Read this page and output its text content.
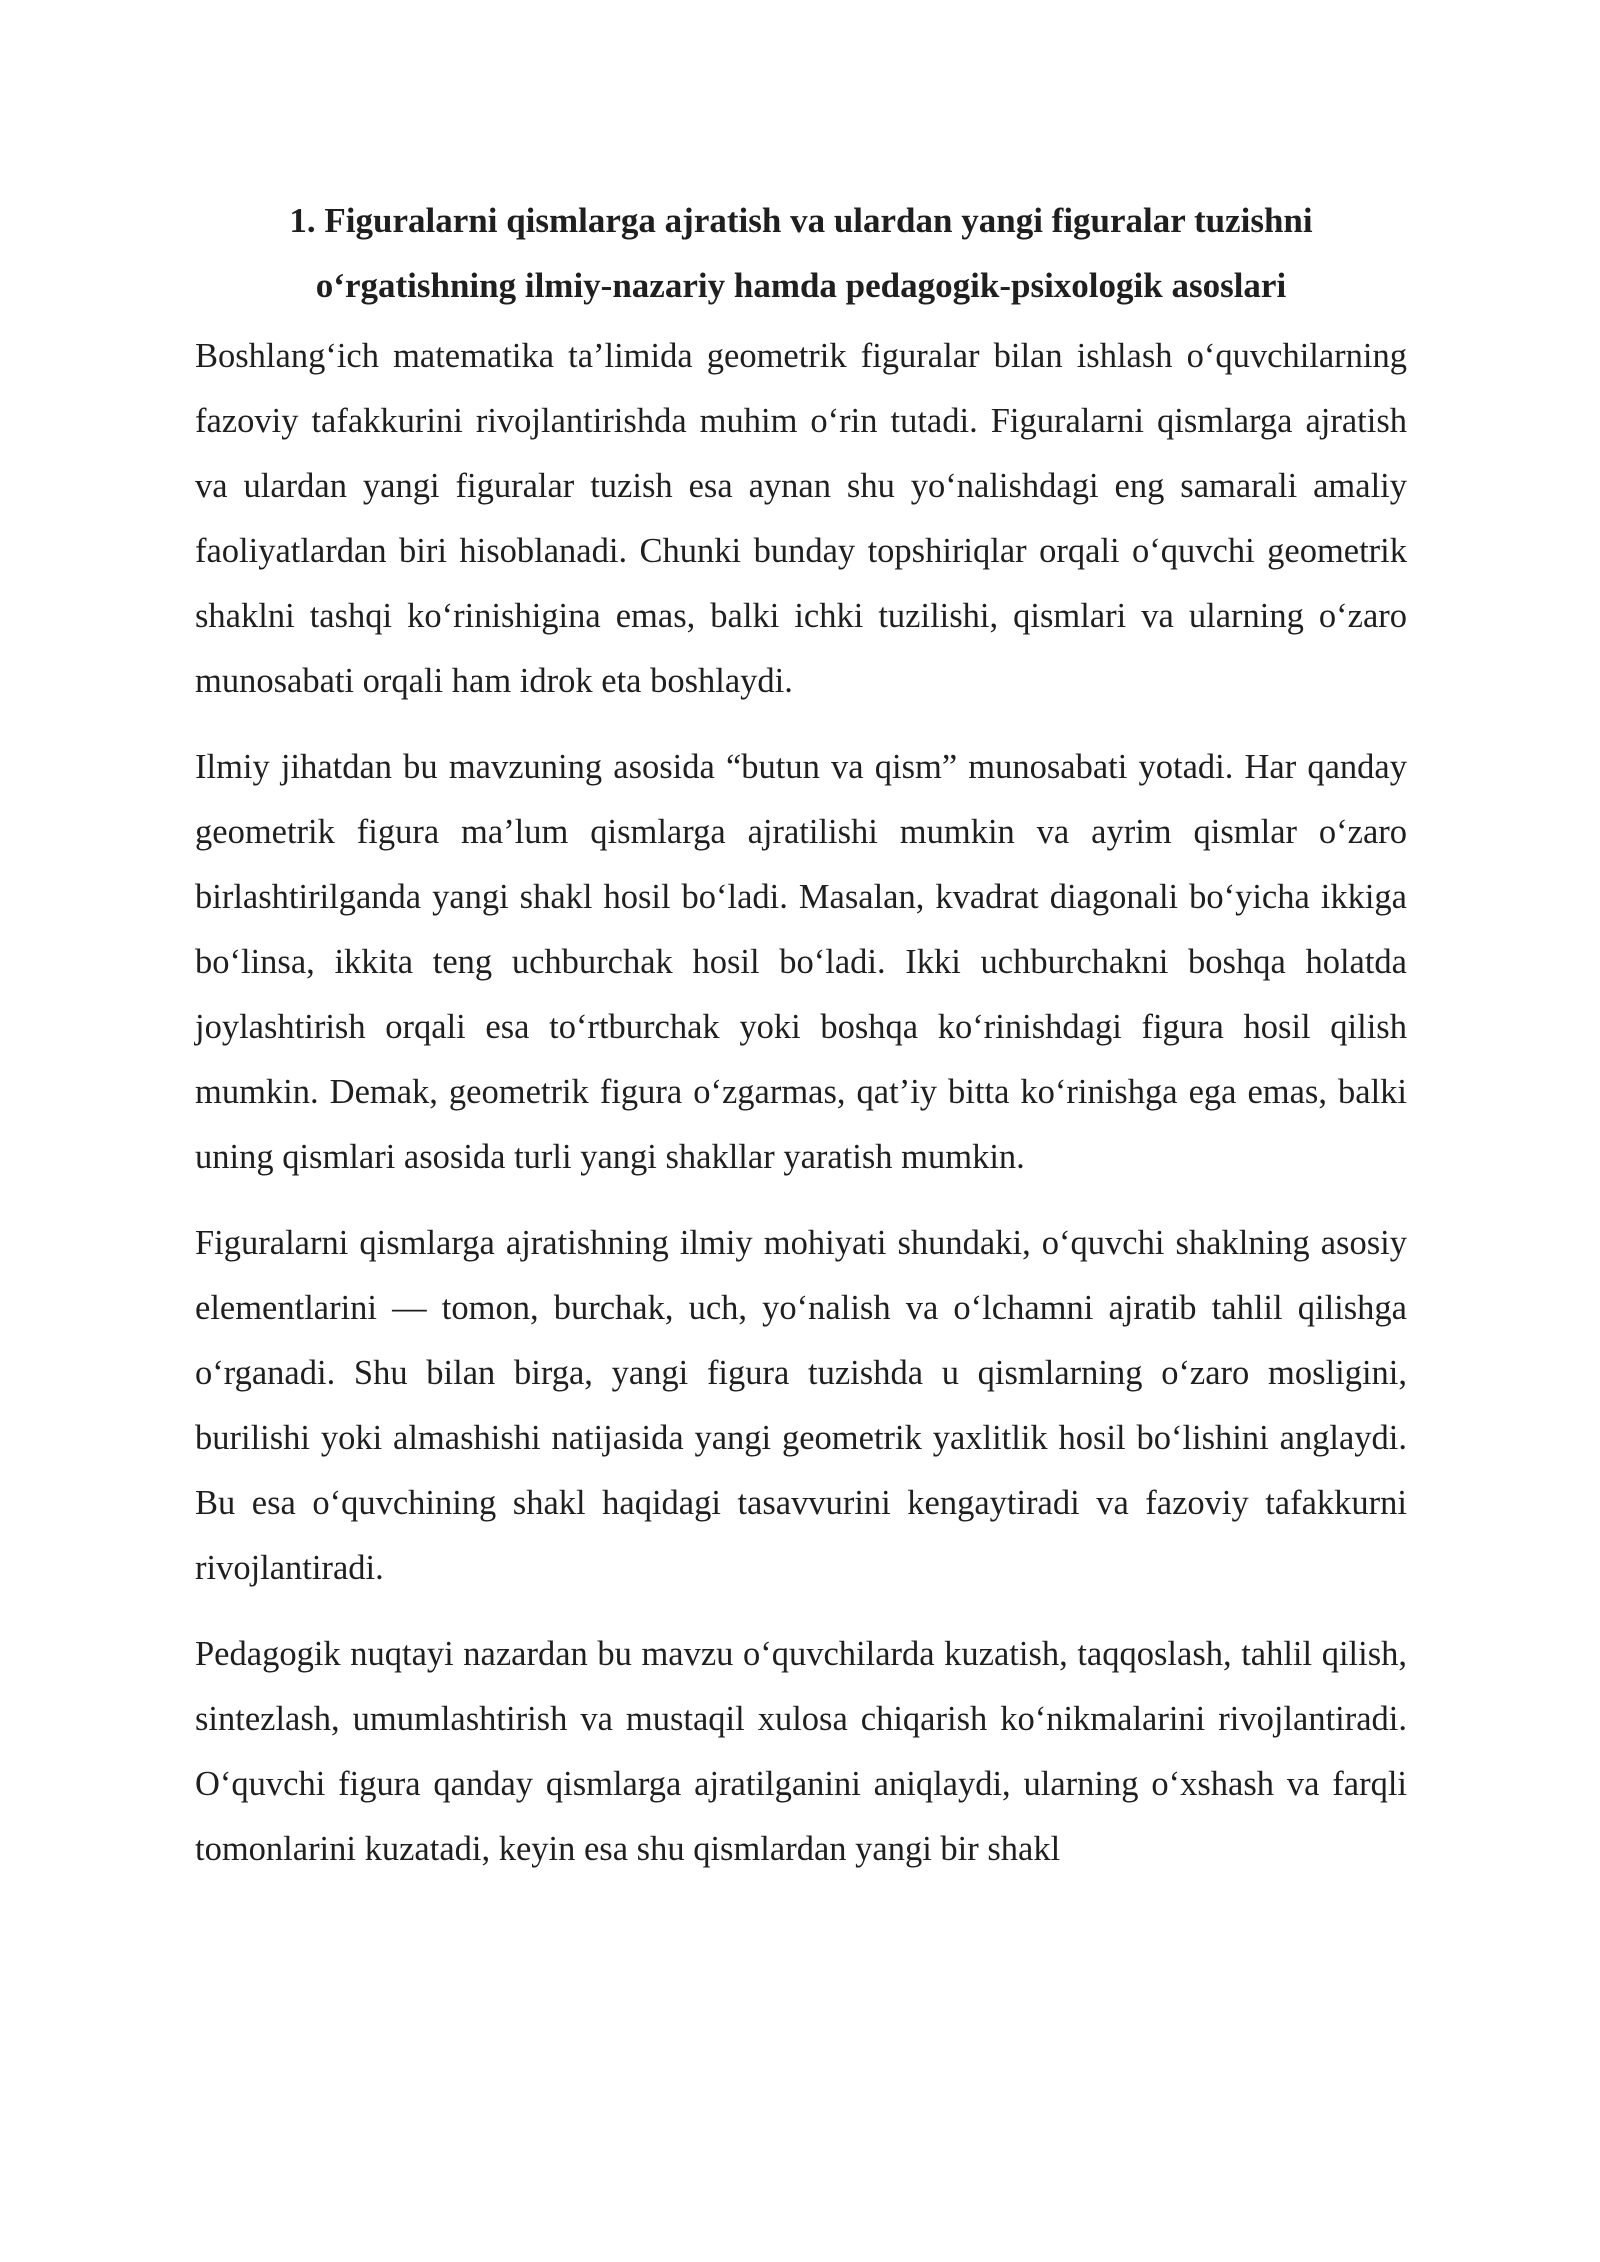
1. Figuralarni qismlarga ajratish va ulardan yangi figuralar tuzishni
o‘rgatishning ilmiy-nazariy hamda pedagogik-psixologik asoslari

Boshlang‘ich matematika ta’limida geometrik figuralar bilan ishlash o‘quvchilarning fazoviy tafakkurini rivojlantirishda muhim o‘rin tutadi. Figuralarni qismlarga ajratish va ulardan yangi figuralar tuzish esa aynan shu yo‘nalishdagi eng samarali amaliy faoliyatlardan biri hisoblanadi. Chunki bunday topshiriqlar orqali o‘quvchi geometrik shaklni tashqi ko‘rinishigina emas, balki ichki tuzilishi, qismlari va ularning o‘zaro munosabati orqali ham idrok eta boshlaydi.

Ilmiy jihatdan bu mavzuning asosida “butun va qism” munosabati yotadi. Har qanday geometrik figura ma’lum qismlarga ajratilishi mumkin va ayrim qismlar o‘zaro birlashtirilganda yangi shakl hosil bo‘ladi. Masalan, kvadrat diagonali bo‘yicha ikkiga bo‘linsa, ikkita teng uchburchak hosil bo‘ladi. Ikki uchburchakni boshqa holatda joylashtirish orqali esa to‘rtburchak yoki boshqa ko‘rinishdagi figura hosil qilish mumkin. Demak, geometrik figura o‘zgarmas, qat’iy bitta ko‘rinishga ega emas, balki uning qismlari asosida turli yangi shakllar yaratish mumkin.

Figuralarni qismlarga ajratishning ilmiy mohiyati shundaki, o‘quvchi shaklning asosiy elementlarini — tomon, burchak, uch, yo‘nalish va o‘lchamni ajratib tahlil qilishga o‘rganadi. Shu bilan birga, yangi figura tuzishda u qismlarning o‘zaro mosligini, burilishi yoki almashishi natijasida yangi geometrik yaxlitlik hosil bo‘lishini anglaydi. Bu esa o‘quvchining shakl haqidagi tasavvurini kengaytiradi va fazoviy tafakkurni rivojlantiradi.

Pedagogik nuqtayi nazardan bu mavzu o‘quvchilarda kuzatish, taqqoslash, tahlil qilish, sintezlash, umumlashtirish va mustaqil xulosa chiqarish ko‘nikmalarini rivojlantiradi. O‘quvchi figura qanday qismlarga ajratilganini aniqlaydi, ularning o‘xshash va farqli tomonlarini kuzatadi, keyin esa shu qismlardan yangi bir shakl
